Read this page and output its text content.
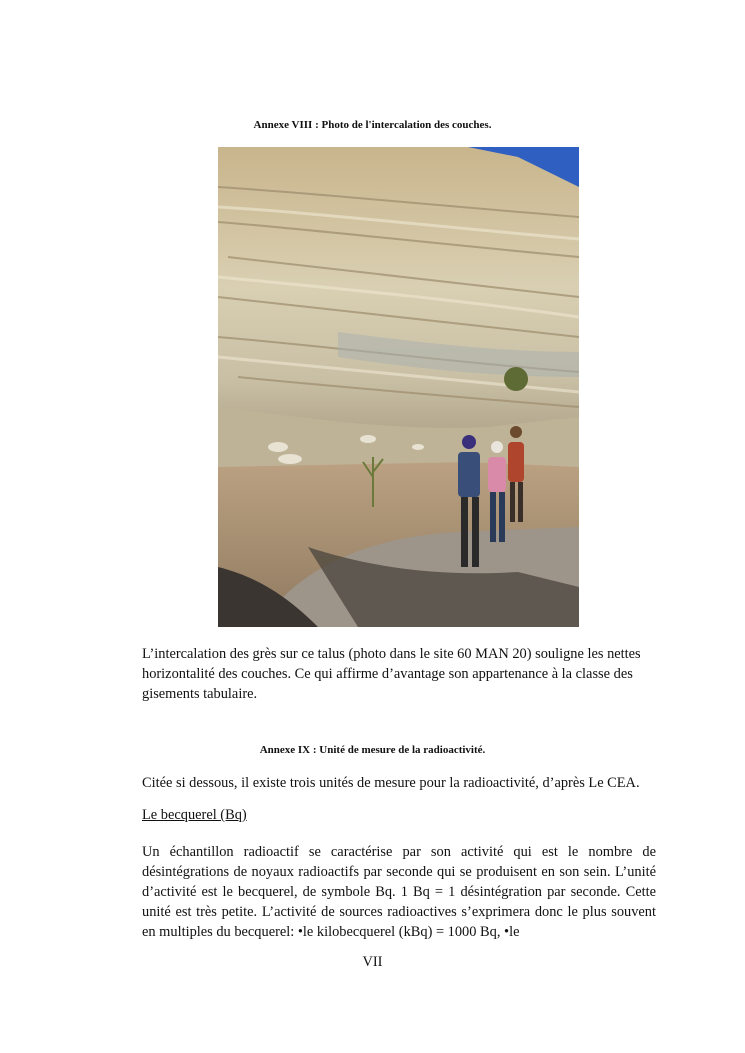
Annexe VIII : Photo de l'intercalation des couches.

L’intercalation des grès sur ce talus (photo dans le site 60 MAN 20) souligne les nettes horizontalité des couches. Ce qui affirme d’avantage son appartenance à la classe des gisements tabulaire.

Annexe IX : Unité de mesure de la radioactivité.

Citée si dessous, il existe trois unités de mesure pour la radioactivité, d’après Le CEA.

Le becquerel (Bq)

Un échantillon radioactif se caractérise par son activité qui est le nombre de désintégrations de noyaux radioactifs par seconde qui se produisent en son sein. L’unité d’activité est le becquerel, de symbole Bq. 1 Bq = 1 désintégration par seconde. Cette unité est très petite. L’activité de sources radioactives s’exprimera donc le plus souvent en multiples du becquerel: •le kilobecquerel (kBq) = 1000 Bq, •le

VII
